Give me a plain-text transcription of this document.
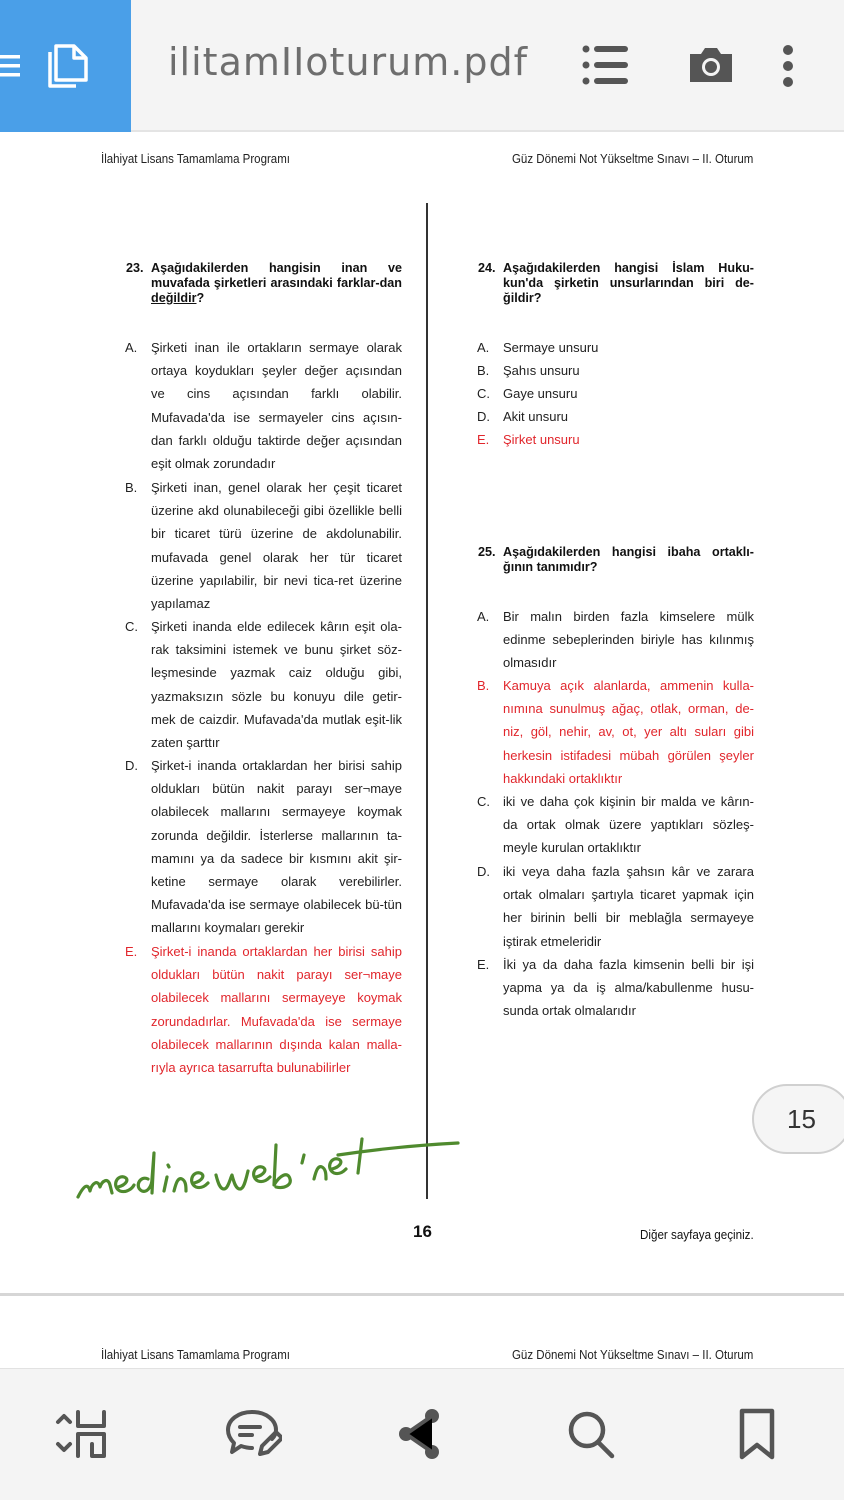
ilitamIIoturum.pdf
İlahiyat Lisans Tamamlama Programı	Güz Dönemi Not Yükseltme Sınavı – II. Oturum
23. Aşağıdakilerden hangisin inan ve muvafada şirketleri arasındaki farklar-dan değildir?
A. Şirketi inan ile ortakların sermaye olarak ortaya koydukları şeyler değer açısından ve cins açısından farklı olabilir. Mufavada'da ise sermayeler cins açısın-dan farklı olduğu taktirde değer açısından eşit olmak zorundadır
B. Şirketi inan, genel olarak her çeşit ticaret üzerine akd olunabileceği gibi özellikle belli bir ticaret türü üzerine de akdolunabilir. mufavada genel olarak her tür ticaret üzerine yapılabilir, bir nevi tica-ret üzerine yapılamaz
C. Şirketi inanda elde edilecek kârın eşit ola-rak taksimini istemek ve bunu şirket söz-leşmesinde yazmak caiz olduğu gibi, yazmaksızın sözle bu konuyu dile getir-mek de caizdir. Mufavada'da mutlak eşit-lik zaten şarttır
D. Şirket-i inanda ortaklardan her birisi sahip oldukları bütün nakit parayı ser¬maye olabilecek mallarını sermayeye koymak zorunda değildir. İsterlerse mallarının ta-mamını ya da sadece bir kısmını akit şir-ketine sermaye olarak verebilirler. Mufavada'da ise sermaye olabilecek bü-tün mallarını koymaları gerekir
E. Şirket-i inanda ortaklardan her birisi sahip oldukları bütün nakit parayı ser¬maye olabilecek mallarını sermayeye koymak zorundadırlar. Mufavada'da ise sermaye olabilecek mallarının dışında kalan malla-rıyla ayrıca tasarrufta bulunabilirler
24. Aşağıdakilerden hangisi İslam Huku-kun'da şirketin unsurlarından biri de-ğildir?
A. Sermaye unsuru
B. Şahıs unsuru
C. Gaye unsuru
D. Akit unsuru
E. Şirket unsuru
25. Aşağıdakilerden hangisi ibaha ortaklı-ğının tanımıdır?
A. Bir malın birden fazla kimselere mülk edinme sebeplerinden biriyle has kılınmış olmasıdır
B. Kamuya açık alanlarda, ammenin kulla-nımına sunulmuş ağaç, otlak, orman, de-niz, göl, nehir, av, ot, yer altı suları gibi herkesin istifadesi mübah görülen şeyler hakkındaki ortaklıktır
C. iki ve daha çok kişinin bir malda ve kârın-da ortak olmak üzere yaptıkları sözleş-meyle kurulan ortaklıktır
D. iki veya daha fazla şahsın kâr ve zarara ortak olmaları şartıyla ticaret yapmak için her birinin belli bir meblağla sermayeye iştirak etmeleridir
E. İki ya da daha fazla kimsenin belli bir işi yapma ya da iş alma/kabullenme husu-sunda ortak olmalarıdır
16	Diğer sayfaya geçiniz.
15
İlahiyat Lisans Tamamlama Programı	Güz Dönemi Not Yükseltme Sınavı – II. Oturum
